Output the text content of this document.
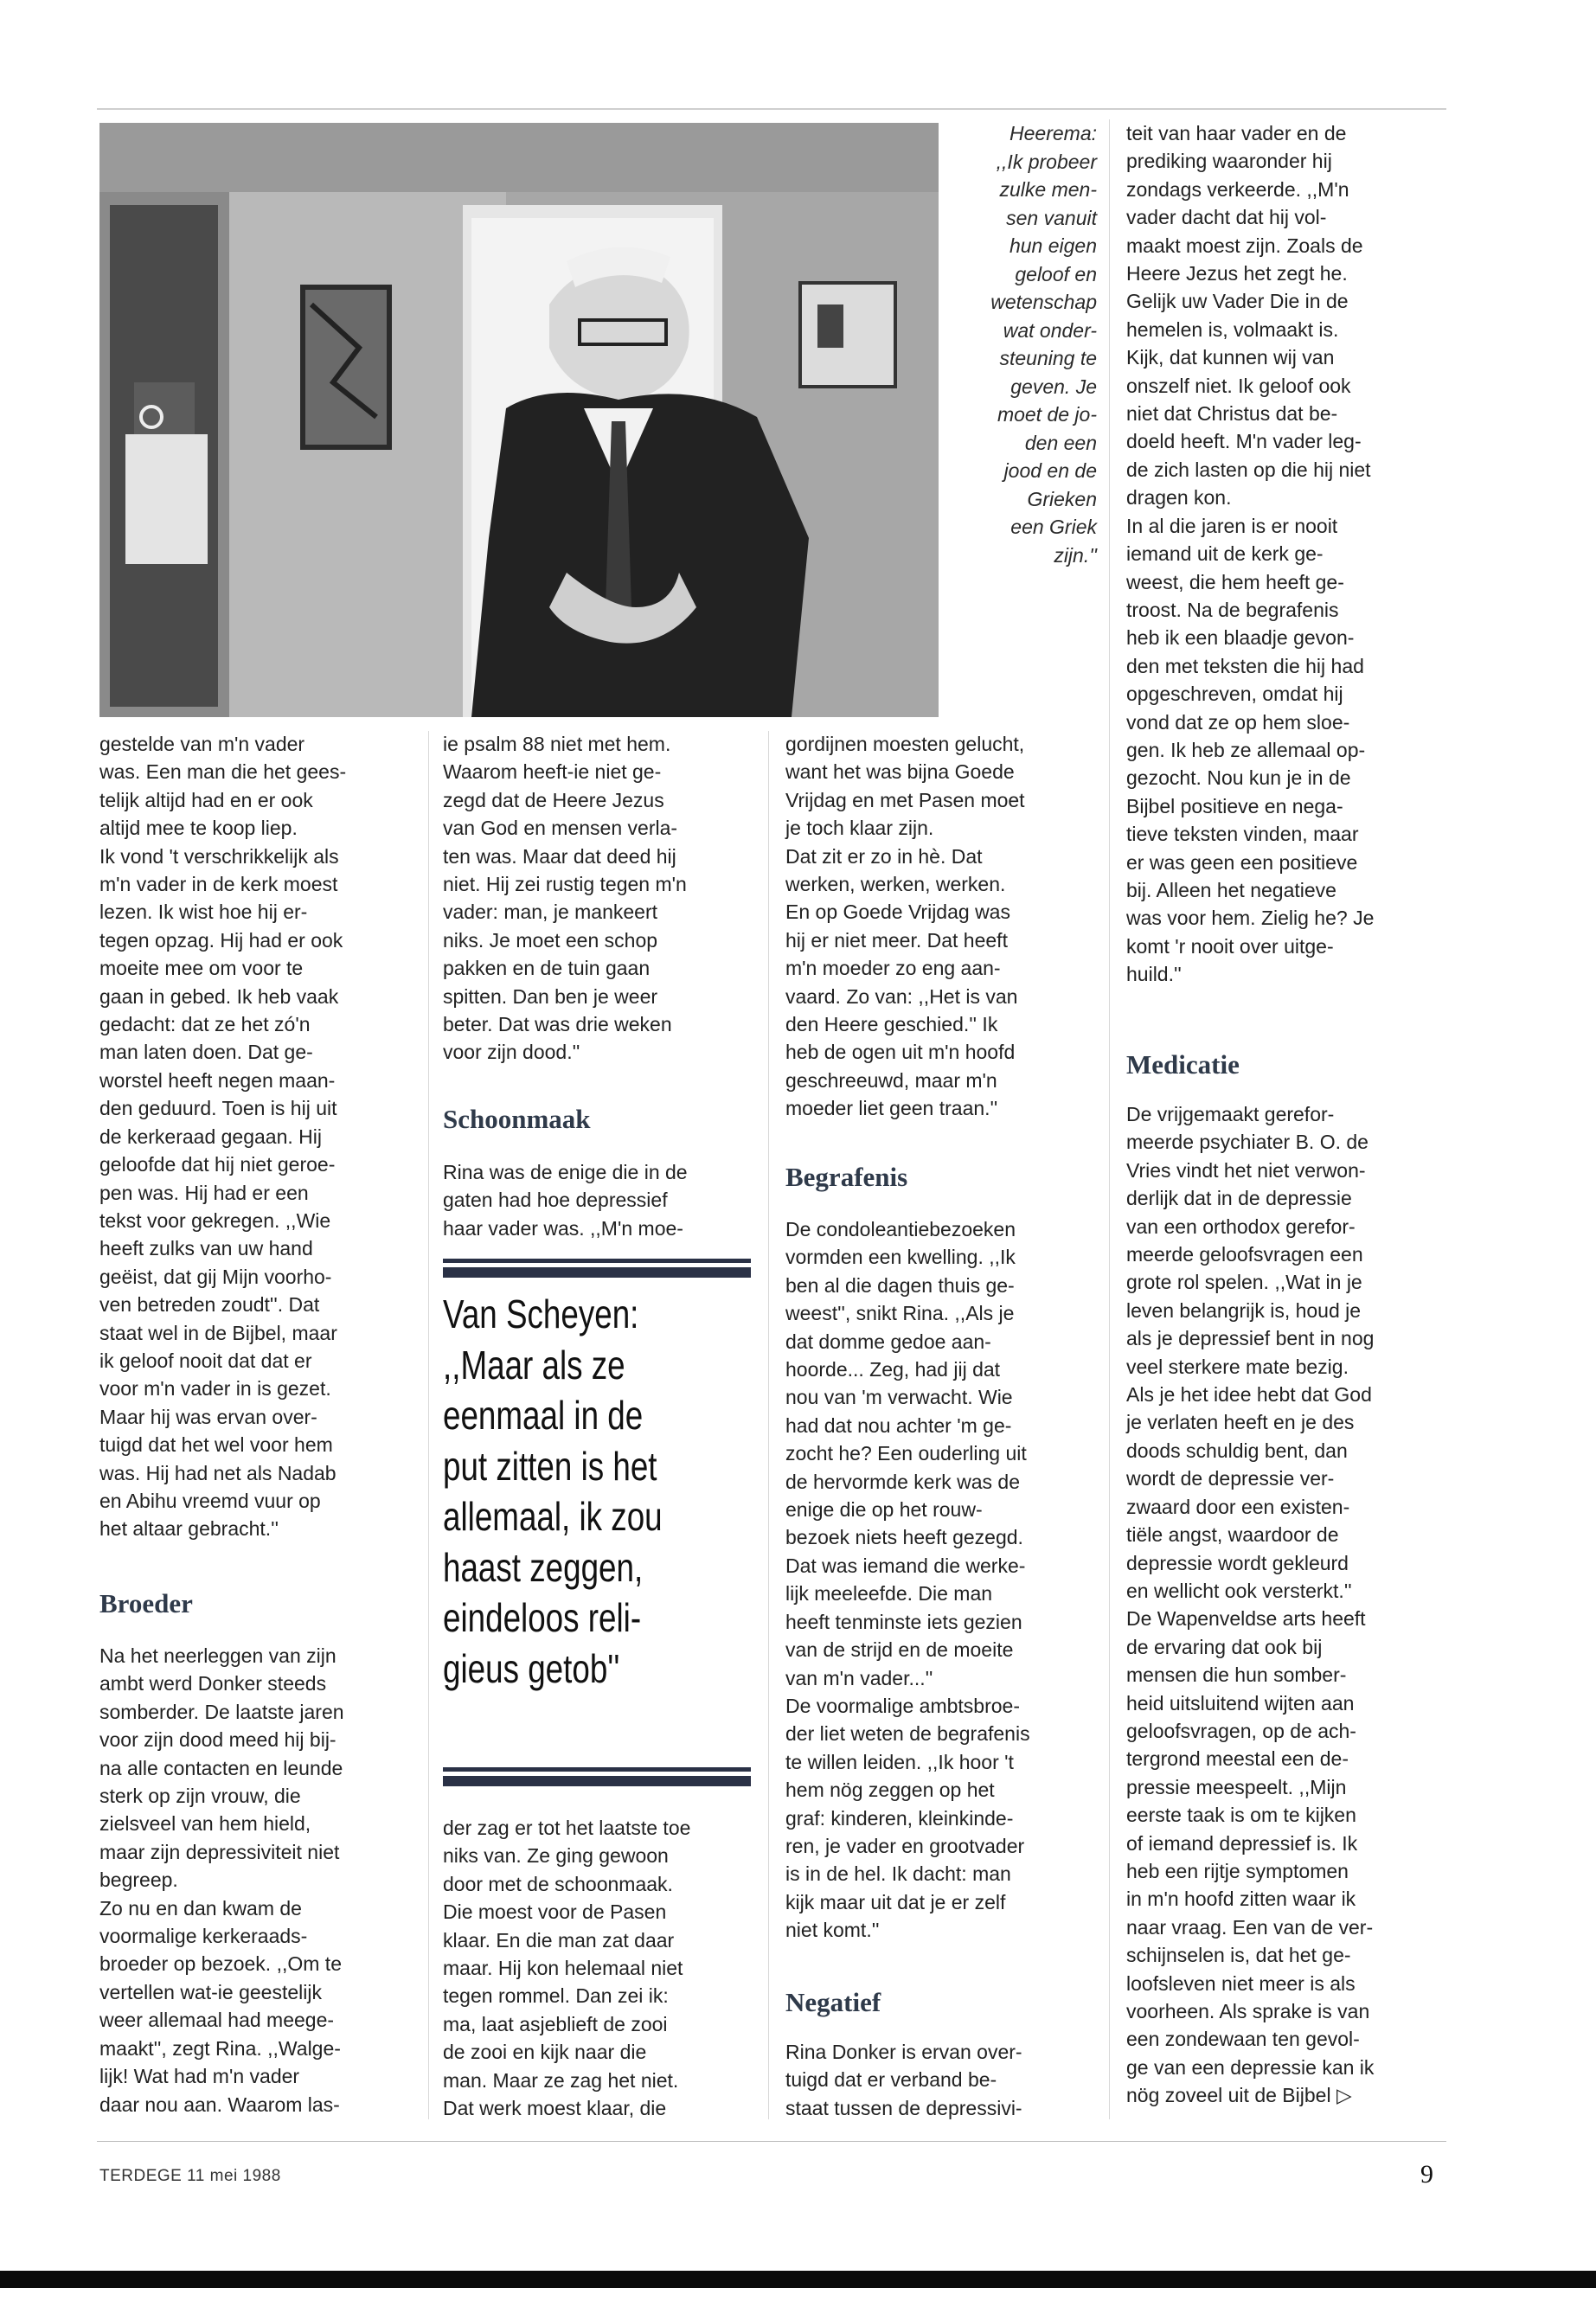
Heerema:
,,Ik probeer
zulke men-
sen vanuit
hun eigen
geloof en
wetenschap
wat onder-
steuning te
geven. Je
moet de jo-
den een
jood en de
Grieken
een Griek
zijn.''

gestelde van m'n vader

was. Een man die het gees-

telijk altijd had en er ook

altijd mee te koop liep.

Ik vond 't verschrikkelijk als

m'n vader in de kerk moest

lezen. Ik wist hoe hij er-

tegen opzag. Hij had er ook

moeite mee om voor te

gaan in gebed. Ik heb vaak

gedacht: dat ze het zó'n

man laten doen. Dat ge-

worstel heeft negen maan-

den geduurd. Toen is hij uit

de kerkeraad gegaan. Hij

geloofde dat hij niet geroe-

pen was. Hij had er een

tekst voor gekregen. ,,Wie

heeft zulks van uw hand

geëist, dat gij Mijn voorho-

ven betreden zoudt''. Dat

staat wel in de Bijbel, maar

ik geloof nooit dat dat er

voor m'n vader in is gezet.

Maar hij was ervan over-

tuigd dat het wel voor hem

was. Hij had net als Nadab

en Abihu vreemd vuur op

het altaar gebracht.''

Broeder

Na het neerleggen van zijn

ambt werd Donker steeds

somberder. De laatste jaren

voor zijn dood meed hij bij-

na alle contacten en leunde

sterk op zijn vrouw, die

zielsveel van hem hield,

maar zijn depressiviteit niet

begreep.

Zo nu en dan kwam de

voormalige kerkeraads-

broeder op bezoek. ,,Om te

vertellen wat-ie geestelijk

weer allemaal had meege-

maakt'', zegt Rina. ,,Walge-

lijk! Wat had m'n vader

daar nou aan. Waarom las-

ie psalm 88 niet met hem.

Waarom heeft-ie niet ge-

zegd dat de Heere Jezus

van God en mensen verla-

ten was. Maar dat deed hij

niet. Hij zei rustig tegen m'n

vader: man, je mankeert

niks. Je moet een schop

pakken en de tuin gaan

spitten. Dan ben je weer

beter. Dat was drie weken

voor zijn dood.''

Schoonmaak

Rina was de enige die in de

gaten had hoe depressief

haar vader was. ,,M'n moe-

Van Scheyen:
,,Maar als ze
eenmaal in de
put zitten is het
allemaal, ik zou
haast zeggen,
eindeloos reli-
gieus getob''

der zag er tot het laatste toe

niks van. Ze ging gewoon

door met de schoonmaak.

Die moest voor de Pasen

klaar. En die man zat daar

maar. Hij kon helemaal niet

tegen rommel. Dan zei ik:

ma, laat asjeblieft de zooi

de zooi en kijk naar die

man. Maar ze zag het niet.

Dat werk moest klaar, die

gordijnen moesten gelucht,

want het was bijna Goede

Vrijdag en met Pasen moet

je toch klaar zijn.

Dat zit er zo in hè. Dat

werken, werken, werken.

En op Goede Vrijdag was

hij er niet meer. Dat heeft

m'n moeder zo eng aan-

vaard. Zo van: ,,Het is van

den Heere geschied.'' Ik

heb de ogen uit m'n hoofd

geschreeuwd, maar m'n

moeder liet geen traan.''

Begrafenis

De condoleantiebezoeken

vormden een kwelling. ,,Ik

ben al die dagen thuis ge-

weest'', snikt Rina. ,,Als je

dat domme gedoe aan-

hoorde... Zeg, had jij dat

nou van 'm verwacht. Wie

had dat nou achter 'm ge-

zocht he? Een ouderling uit

de hervormde kerk was de

enige die op het rouw-

bezoek niets heeft gezegd.

Dat was iemand die werke-

lijk meeleefde. Die man

heeft tenminste iets gezien

van de strijd en de moeite

van m'n vader...''

De voormalige ambtsbroe-

der liet weten de begrafenis

te willen leiden. ,,Ik hoor 't

hem nög zeggen op het

graf: kinderen, kleinkinde-

ren, je vader en grootvader

is in de hel. Ik dacht: man

kijk maar uit dat je er zelf

niet komt.''

Negatief

Rina Donker is ervan over-

tuigd dat er verband be-

staat tussen de depressivi-

teit van haar vader en de

prediking waaronder hij

zondags verkeerde. ,,M'n

vader dacht dat hij vol-

maakt moest zijn. Zoals de

Heere Jezus het zegt he.

Gelijk uw Vader Die in de

hemelen is, volmaakt is.

Kijk, dat kunnen wij van

onszelf niet. Ik geloof ook

niet dat Christus dat be-

doeld heeft. M'n vader leg-

de zich lasten op die hij niet

dragen kon.

In al die jaren is er nooit

iemand uit de kerk ge-

weest, die hem heeft ge-

troost. Na de begrafenis

heb ik een blaadje gevon-

den met teksten die hij had

opgeschreven, omdat hij

vond dat ze op hem sloe-

gen. Ik heb ze allemaal op-

gezocht. Nou kun je in de

Bijbel positieve en nega-

tieve teksten vinden, maar

er was geen een positieve

bij. Alleen het negatieve

was voor hem. Zielig he? Je

komt 'r nooit over uitge-

huild.''

Medicatie

De vrijgemaakt gerefor-

meerde psychiater B. O. de

Vries vindt het niet verwon-

derlijk dat in de depressie

van een orthodox gerefor-

meerde geloofsvragen een

grote rol spelen. ,,Wat in je

leven belangrijk is, houd je

als je depressief bent in nog

veel sterkere mate bezig.

Als je het idee hebt dat God

je verlaten heeft en je des

doods schuldig bent, dan

wordt de depressie ver-

zwaard door een existen-

tiële angst, waardoor de

depressie wordt gekleurd

en wellicht ook versterkt.''

De Wapenveldse arts heeft

de ervaring dat ook bij

mensen die hun somber-

heid uitsluitend wijten aan

geloofsvragen, op de ach-

tergrond meestal een de-

pressie meespeelt. ,,Mijn

eerste taak is om te kijken

of iemand depressief is. Ik

heb een rijtje symptomen

in m'n hoofd zitten waar ik

naar vraag. Een van de ver-

schijnselen is, dat het ge-

loofsleven niet meer is als

voorheen. Als sprake is van

een zondewaan ten gevol-

ge van een depressie kan ik

nög zoveel uit de Bijbel ▷

TERDEGE 11 mei 1988	9
